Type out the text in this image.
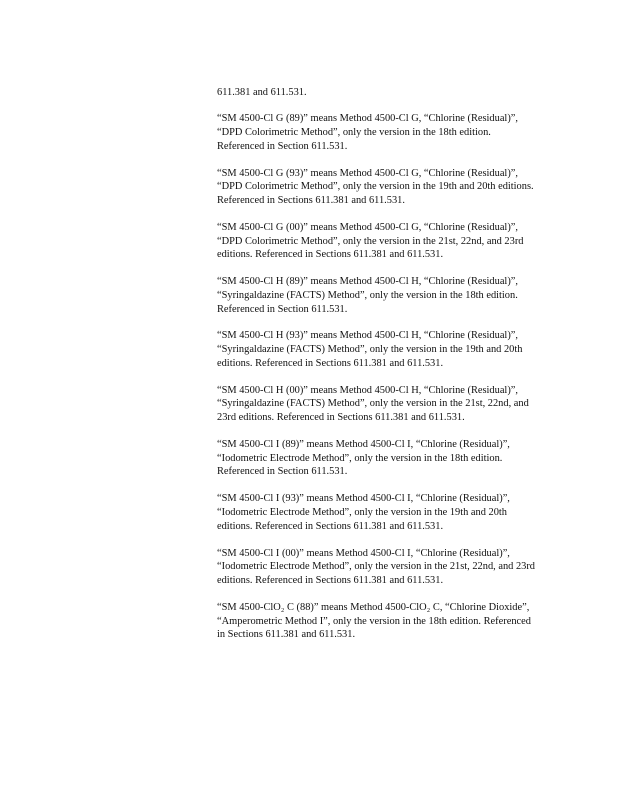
611.381 and 611.531.

“SM 4500-Cl G (89)” means Method 4500-Cl G, “Chlorine (Residual)”, “DPD Colorimetric Method”, only the version in the 18th edition. Referenced in Section 611.531.

“SM 4500-Cl G (93)” means Method 4500-Cl G, “Chlorine (Residual)”, “DPD Colorimetric Method”, only the version in the 19th and 20th editions. Referenced in Sections 611.381 and 611.531.

“SM 4500-Cl G (00)” means Method 4500-Cl G, “Chlorine (Residual)”, “DPD Colorimetric Method”, only the version in the 21st, 22nd, and 23rd editions. Referenced in Sections 611.381 and 611.531.

“SM 4500-Cl H (89)” means Method 4500-Cl H, “Chlorine (Residual)”, “Syringaldazine (FACTS) Method”, only the version in the 18th edition. Referenced in Section 611.531.

“SM 4500-Cl H (93)” means Method 4500-Cl H, “Chlorine (Residual)”, “Syringaldazine (FACTS) Method”, only the version in the 19th and 20th editions. Referenced in Sections 611.381 and 611.531.

“SM 4500-Cl H (00)” means Method 4500-Cl H, “Chlorine (Residual)”, “Syringaldazine (FACTS) Method”, only the version in the 21st, 22nd, and 23rd editions. Referenced in Sections 611.381 and 611.531.

“SM 4500-Cl I (89)” means Method 4500-Cl I, “Chlorine (Residual)”, “Iodometric Electrode Method”, only the version in the 18th edition. Referenced in Section 611.531.

“SM 4500-Cl I (93)” means Method 4500-Cl I, “Chlorine (Residual)”, “Iodometric Electrode Method”, only the version in the 19th and 20th editions. Referenced in Sections 611.381 and 611.531.

“SM 4500-Cl I (00)” means Method 4500-Cl I, “Chlorine (Residual)”, “Iodometric Electrode Method”, only the version in the 21st, 22nd, and 23rd editions. Referenced in Sections 611.381 and 611.531.

“SM 4500-ClO₂ C (88)” means Method 4500-ClO₂ C, “Chlorine Dioxide”, “Amperometric Method I”, only the version in the 18th edition. Referenced in Sections 611.381 and 611.531.
